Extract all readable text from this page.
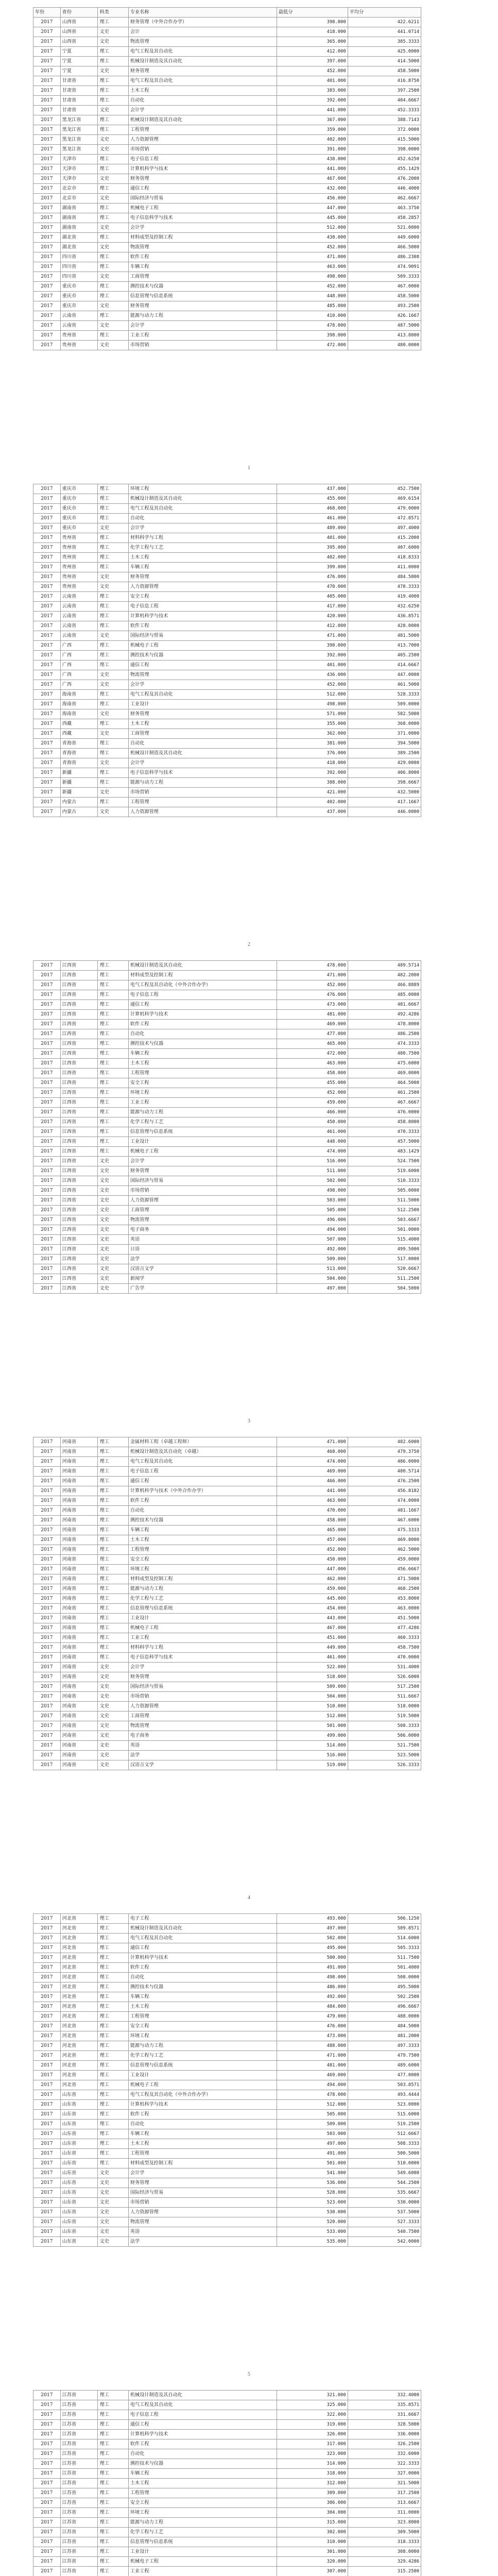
年份	省份	科类	专业名称	最低分	平均分
2017	山西省	理工	财务管理（中外合作办学）	398.000	422.6211
2017	山西省	文史	会计	418.000	441.0714
2017	山西省	文史	物流管理	365.000	385.3333
2017	宁夏	理工	电气工程及其自动化	412.000	425.0000
2017	宁夏	理工	机械设计制造及其自动化	397.000	414.5000
2017	宁夏	文史	财务管理	452.000	458.5000
2017	甘肃省	理工	电气工程及其自动化	401.000	416.8750
2017	甘肃省	理工	土木工程	383.000	397.2500
2017	甘肃省	理工	自动化	392.000	404.6667
2017	甘肃省	文史	会计学	441.000	452.3333
2017	黑龙江省	理工	机械设计制造及其自动化	367.000	388.7143
2017	黑龙江省	理工	工程管理	359.000	372.0000
2017	黑龙江省	文史	人力资源管理	402.000	415.5000
2017	黑龙江省	文史	市场营销	391.000	398.0000
2017	天津市	理工	电子信息工程	438.000	452.6250
2017	天津市	理工	计算机科学与技术	441.000	455.1429
2017	天津市	文史	财务管理	467.000	476.2000
2017	北京市	理工	通信工程	432.000	446.4000
2017	北京市	文史	国际经济与贸易	456.000	462.6667
2017	湖南省	理工	机械电子工程	447.000	463.3750
2017	湖南省	理工	电子信息科学与技术	445.000	458.2857
2017	湖南省	文史	会计学	512.000	521.0000
2017	湖北省	理工	材料成型及控制工程	438.000	449.6000
2017	湖北省	文史	物流管理	452.000	466.5000
2017	四川省	理工	软件工程	471.000	486.2308
2017	四川省	理工	车辆工程	463.000	474.9091
2017	四川省	文史	工商管理	498.000	509.3333
2017	重庆市	理工	测控技术与仪器	452.000	467.0000
2017	重庆市	理工	信息管理与信息系统	448.000	458.5000
2017	重庆市	文史	财务管理	485.000	493.2500
2017	云南省	理工	能源与动力工程	410.000	426.1667
2017	云南省	文史	会计学	478.000	487.5000
2017	贵州省	理工	工业工程	398.000	413.8000
2017	贵州省	文史	市场营销	472.000	480.0000
1
2017	重庆市	理工	环境工程	437.000	452.7500
2017	重庆市	理工	机械设计制造及其自动化	455.000	469.6154
2017	重庆市	理工	电气工程及其自动化	468.000	479.0000
2017	重庆市	理工	自动化	461.000	472.8571
2017	重庆市	文史	会计学	489.000	497.4000
2017	贵州省	理工	材料科学与工程	401.000	415.2000
2017	贵州省	理工	化学工程与工艺	395.000	407.6000
2017	贵州省	理工	土木工程	402.000	418.8333
2017	贵州省	理工	车辆工程	399.000	411.0000
2017	贵州省	文史	财务管理	476.000	484.5000
2017	贵州省	文史	人力资源管理	470.000	478.3333
2017	云南省	理工	安全工程	405.000	419.4000
2017	云南省	理工	电子信息工程	417.000	432.6250
2017	云南省	理工	计算机科学与技术	420.000	436.8571
2017	云南省	理工	软件工程	412.000	428.0000
2017	云南省	文史	国际经济与贸易	471.000	481.5000
2017	广西	理工	机械电子工程	398.000	413.7000
2017	广西	理工	测控技术与仪器	392.000	405.2500
2017	广西	理工	通信工程	401.000	414.6667
2017	广西	文史	物流管理	436.000	447.0000
2017	广西	文史	会计学	452.000	461.5000
2017	海南省	理工	电气工程及其自动化	512.000	528.3333
2017	海南省	理工	工业设计	498.000	509.0000
2017	海南省	文史	财务管理	571.000	582.5000
2017	西藏	理工	土木工程	355.000	368.0000
2017	西藏	文史	工商管理	362.000	371.0000
2017	青海省	理工	自动化	381.000	394.5000
2017	青海省	理工	机械设计制造及其自动化	376.000	389.2500
2017	青海省	文史	会计学	418.000	429.0000
2017	新疆	理工	电子信息科学与技术	392.000	406.8000
2017	新疆	理工	能源与动力工程	388.000	398.6667
2017	新疆	文史	市场营销	421.000	432.5000
2017	内蒙古	理工	工程管理	402.000	417.1667
2017	内蒙古	文史	人力资源管理	437.000	446.0000
2
2017	江西省	理工	机械设计制造及其自动化	478.000	489.5714
2017	江西省	理工	材料成型及控制工程	471.000	482.2000
2017	江西省	理工	电气工程及其自动化（中外合作办学）	452.000	466.8889
2017	江西省	理工	电子信息工程	476.000	485.0000
2017	江西省	理工	通信工程	473.000	481.6667
2017	江西省	理工	计算机科学与技术	481.000	492.4286
2017	江西省	理工	软件工程	469.000	478.8000
2017	江西省	理工	自动化	477.000	486.2500
2017	江西省	理工	测控技术与仪器	465.000	474.3333
2017	江西省	理工	车辆工程	472.000	480.7500
2017	江西省	理工	土木工程	463.000	475.6000
2017	江西省	理工	工程管理	458.000	469.0000
2017	江西省	理工	安全工程	455.000	464.5000
2017	江西省	理工	环境工程	452.000	461.2500
2017	江西省	理工	工业工程	459.000	467.6667
2017	江西省	理工	能源与动力工程	466.000	476.0000
2017	江西省	理工	化学工程与工艺	450.000	458.8000
2017	江西省	理工	信息管理与信息系统	461.000	470.3333
2017	江西省	理工	工业设计	448.000	457.5000
2017	江西省	理工	机械电子工程	474.000	483.1429
2017	江西省	文史	会计学	516.000	524.7500
2017	江西省	文史	财务管理	511.000	519.6000
2017	江西省	文史	国际经济与贸易	502.000	510.3333
2017	江西省	文史	市场营销	498.000	505.0000
2017	江西省	文史	人力资源管理	503.000	511.5000
2017	江西省	文史	工商管理	505.000	512.2500
2017	江西省	文史	物流管理	496.000	503.6667
2017	江西省	文史	电子商务	494.000	501.0000
2017	江西省	文史	英语	507.000	515.4000
2017	江西省	文史	日语	492.000	499.5000
2017	江西省	文史	法学	509.000	517.0000
2017	江西省	文史	汉语言文学	513.000	520.6667
2017	江西省	文史	新闻学	504.000	511.2500
2017	江西省	文史	广告学	497.000	504.5000
3
2017	河南省	理工	金属材料工程（卓越工程师）	471.000	482.6000
2017	河南省	理工	机械设计制造及其自动化（卓越）	468.000	479.3750
2017	河南省	理工	电气工程及其自动化	474.000	486.0000
2017	河南省	理工	电子信息工程	469.000	480.5714
2017	河南省	理工	通信工程	466.000	476.2500
2017	河南省	理工	计算机科学与技术（中外合作办学）	441.000	456.8182
2017	河南省	理工	软件工程	463.000	474.0000
2017	河南省	理工	自动化	470.000	481.1667
2017	河南省	理工	测控技术与仪器	458.000	467.6000
2017	河南省	理工	车辆工程	465.000	475.3333
2017	河南省	理工	土木工程	457.000	469.8000
2017	河南省	理工	工程管理	452.000	462.5000
2017	河南省	理工	安全工程	450.000	459.0000
2017	河南省	理工	环境工程	447.000	456.6667
2017	河南省	理工	材料成型及控制工程	462.000	471.5000
2017	河南省	理工	能源与动力工程	459.000	468.2500
2017	河南省	理工	化学工程与工艺	445.000	453.8000
2017	河南省	理工	信息管理与信息系统	454.000	463.0000
2017	河南省	理工	工业设计	443.000	451.5000
2017	河南省	理工	机械电子工程	467.000	477.4286
2017	河南省	理工	工业工程	451.000	460.3333
2017	河南省	理工	材料科学与工程	449.000	458.7500
2017	河南省	理工	电子信息科学与技术	461.000	470.0000
2017	河南省	文史	会计学	522.000	531.4000
2017	河南省	文史	财务管理	518.000	526.6000
2017	河南省	文史	国际经济与贸易	509.000	517.2500
2017	河南省	文史	市场营销	504.000	511.6667
2017	河南省	文史	人力资源管理	510.000	518.0000
2017	河南省	文史	工商管理	512.000	519.5000
2017	河南省	文史	物流管理	501.000	508.3333
2017	河南省	文史	电子商务	499.000	506.0000
2017	河南省	文史	英语	514.000	521.7500
2017	河南省	文史	法学	516.000	523.5000
2017	河南省	文史	汉语言文学	519.000	526.3333
4
2017	河北省	理工	电子工程	493.000	506.1250
2017	河北省	理工	机械设计制造及其自动化	497.000	509.8571
2017	河北省	理工	电气工程及其自动化	502.000	514.6000
2017	河北省	理工	通信工程	495.000	505.3333
2017	河北省	理工	计算机科学与技术	500.000	511.7500
2017	河北省	理工	软件工程	491.000	501.4000
2017	河北省	理工	自动化	498.000	508.0000
2017	河北省	理工	测控技术与仪器	486.000	495.5000
2017	河北省	理工	车辆工程	492.000	502.2500
2017	河北省	理工	土木工程	484.000	496.6667
2017	河北省	理工	工程管理	479.000	488.0000
2017	河北省	理工	安全工程	476.000	484.5000
2017	河北省	理工	环境工程	473.000	481.2000
2017	河北省	理工	能源与动力工程	488.000	497.3333
2017	河北省	理工	化学工程与工艺	471.000	479.7500
2017	河北省	理工	信息管理与信息系统	481.000	489.6000
2017	河北省	理工	工业设计	469.000	477.0000
2017	河北省	理工	机械电子工程	494.000	503.8571
2017	山东省	理工	电气工程及其自动化（中外合作办学）	478.000	493.4444
2017	山东省	理工	计算机科学与技术	512.000	523.0000
2017	山东省	理工	软件工程	505.000	515.6000
2017	山东省	理工	自动化	509.000	519.2500
2017	山东省	理工	车辆工程	503.000	512.6667
2017	山东省	理工	土木工程	497.000	508.3333
2017	山东省	理工	工程管理	491.000	500.5000
2017	山东省	理工	材料成型及控制工程	501.000	510.0000
2017	山东省	文史	会计学	541.000	549.6000
2017	山东省	文史	财务管理	536.000	544.2500
2017	山东省	文史	国际经济与贸易	528.000	535.6667
2017	山东省	文史	市场营销	523.000	530.0000
2017	山东省	文史	人力资源管理	530.000	537.5000
2017	山东省	文史	物流管理	520.000	527.3333
2017	山东省	文史	英语	533.000	540.7500
2017	山东省	文史	法学	535.000	542.0000
5
2017	江苏省	理工	机械设计制造及其自动化	321.000	332.4000
2017	江苏省	理工	电气工程及其自动化	325.000	335.8571
2017	江苏省	理工	电子信息工程	322.000	331.6667
2017	江苏省	理工	通信工程	319.000	328.5000
2017	江苏省	理工	计算机科学与技术	326.000	336.0000
2017	江苏省	理工	软件工程	317.000	326.2500
2017	江苏省	理工	自动化	323.000	332.6000
2017	江苏省	理工	测控技术与仪器	314.000	322.3333
2017	江苏省	理工	车辆工程	318.000	327.0000
2017	江苏省	理工	土木工程	312.000	321.5000
2017	江苏省	理工	工程管理	309.000	317.2500
2017	江苏省	理工	安全工程	306.000	313.6667
2017	江苏省	理工	环境工程	304.000	311.0000
2017	江苏省	理工	能源与动力工程	315.000	323.8000
2017	江苏省	理工	化学工程与工艺	302.000	309.5000
2017	江苏省	理工	信息管理与信息系统	310.000	318.3333
2017	江苏省	理工	工业设计	301.000	308.0000
2017	江苏省	理工	机械电子工程	320.000	329.4286
2017	江苏省	理工	工业工程	307.000	315.2500
